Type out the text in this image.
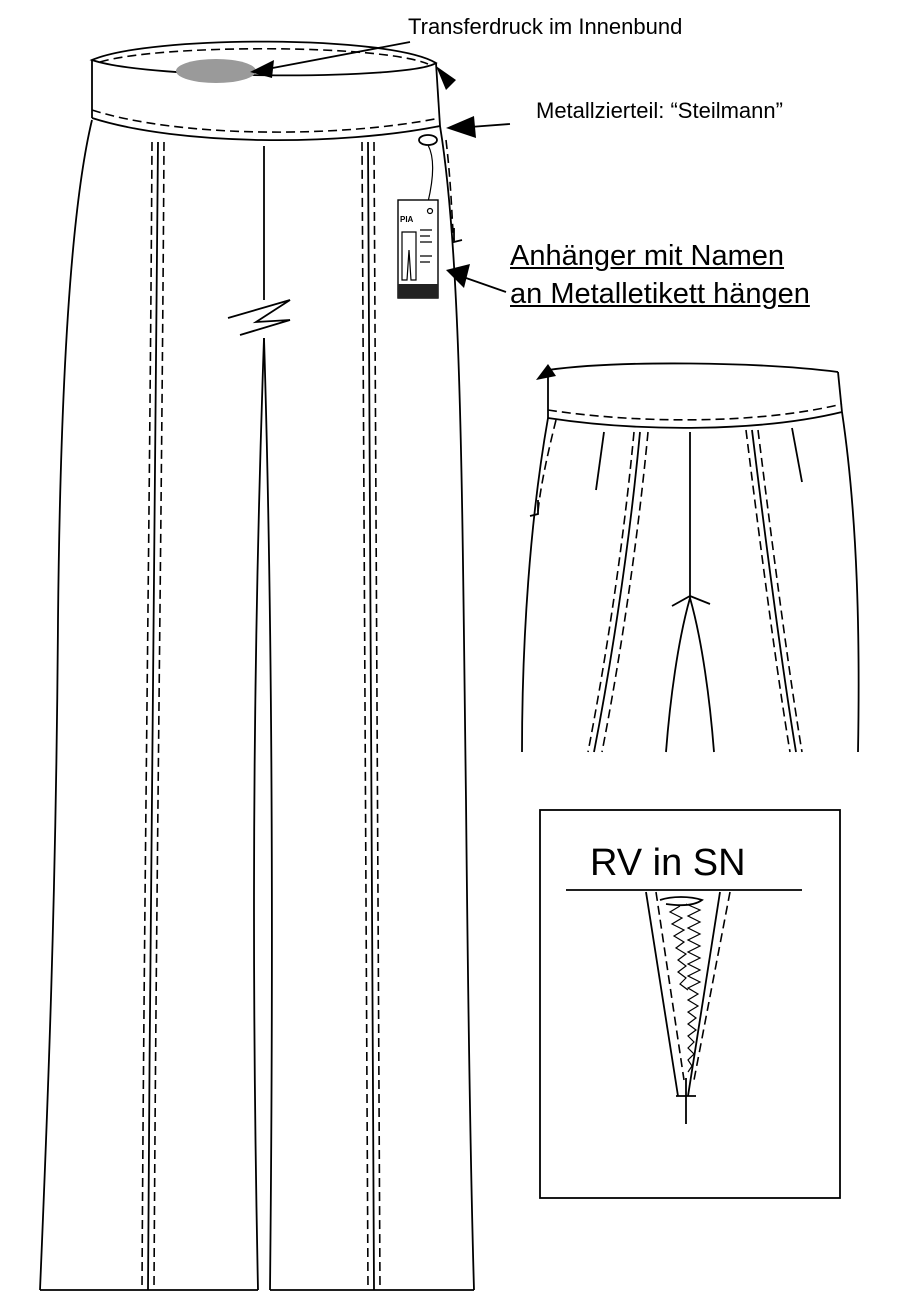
PIA
Transferdruck im Innenbund
Metallzierteil: “Steilmann”
Anhänger mit Namen
an Metalletikett hängen
RV in SN
